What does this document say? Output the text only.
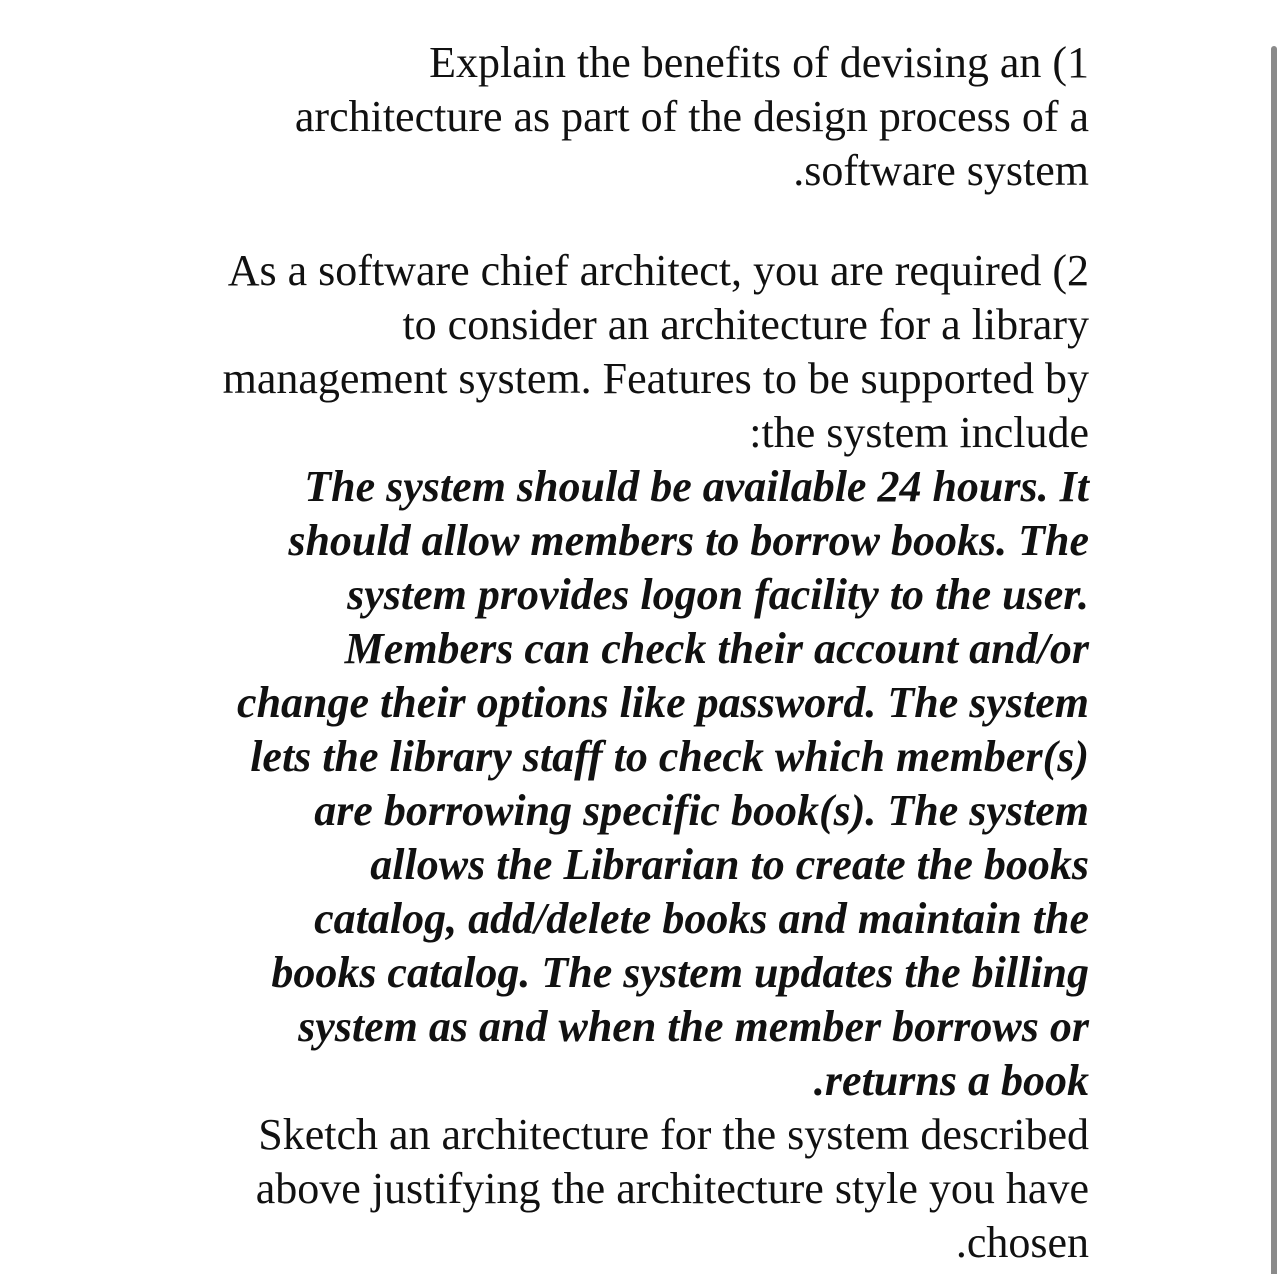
Explain the benefits of devising an (1
architecture as part of the design process of a
.software system
As a software chief architect, you are required (2
to consider an architecture for a library
management system. Features to be supported by
:the system include
The system should be available 24 hours. It
should allow members to borrow books. The
system provides logon facility to the user.
Members can check their account and/or
change their options like password. The system
lets the library staff to check which member(s)
are borrowing specific book(s). The system
allows the Librarian to create the books
catalog, add/delete books and maintain the
books catalog. The system updates the billing
system as and when the member borrows or
.returns a book
Sketch an architecture for the system described
above justifying the architecture style you have
.chosen
